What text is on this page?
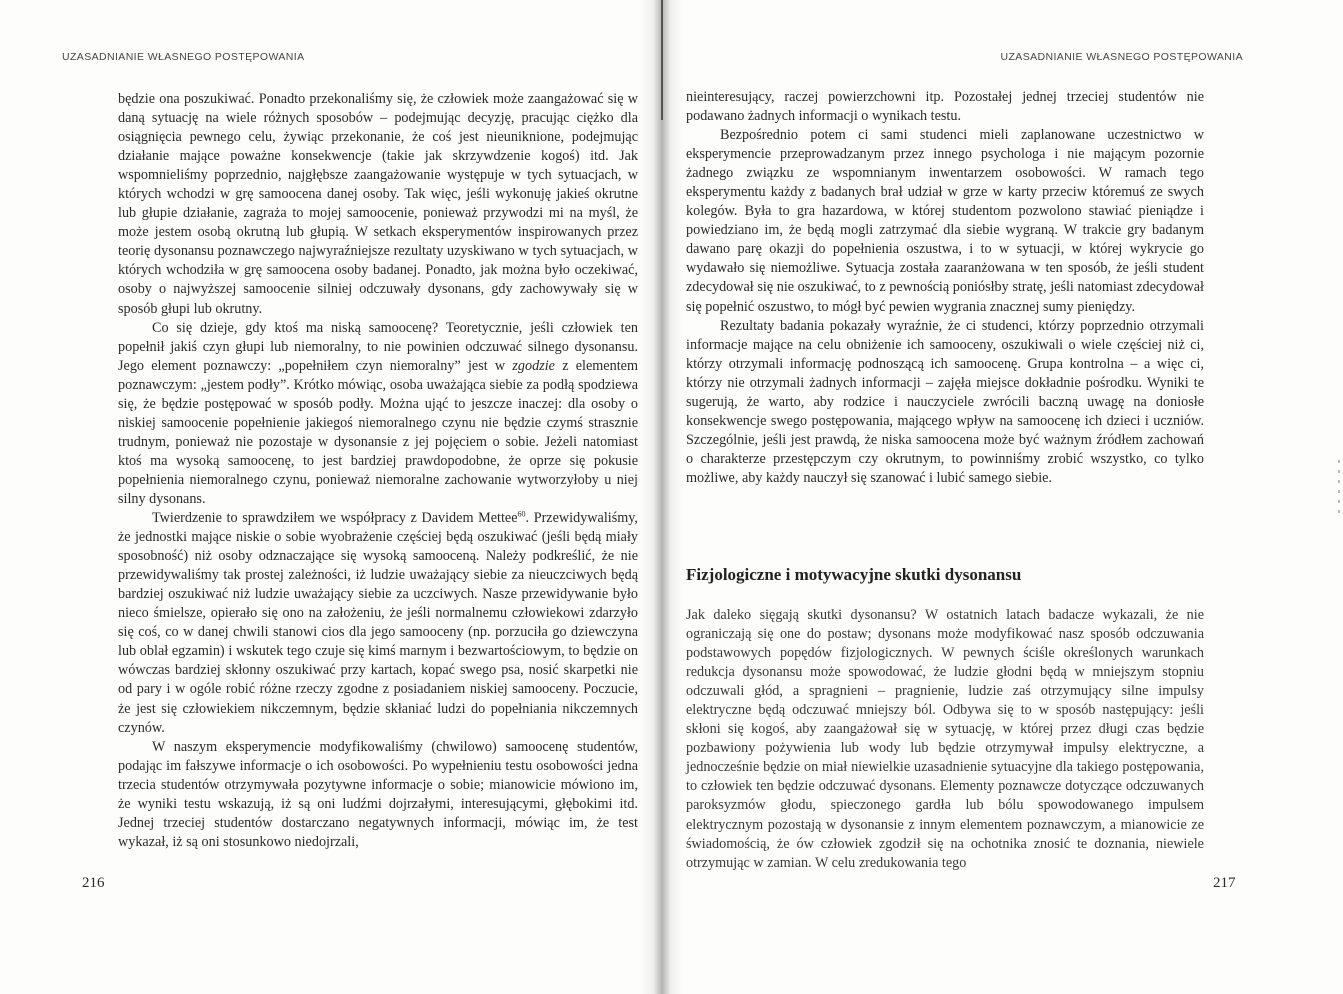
UZASADNIANIE WŁASNEGO POSTĘPOWANIA

będzie ona poszukiwać. Ponadto przekonaliśmy się, że człowiek może zaangażować się w daną sytuację na wiele różnych sposobów – podejmując decyzję, pracując ciężko dla osiągnięcia pewnego celu, żywiąc przekonanie, że coś jest nieuniknione, podejmując działanie mające poważne konsekwencje (takie jak skrzywdzenie kogoś) itd. Jak wspomnieliśmy poprzednio, najgłębsze zaangażowanie występuje w tych sytuacjach, w których wchodzi w grę samoocena danej osoby. Tak więc, jeśli wykonuję jakieś okrutne lub głupie działanie, zagraża to mojej samoocenie, ponieważ przywodzi mi na myśl, że może jestem osobą okrutną lub głupią. W setkach eksperymentów inspirowanych przez teorię dysonansu poznawczego najwyraźniejsze rezultaty uzyskiwano w tych sytuacjach, w których wchodziła w grę samoocena osoby badanej. Ponadto, jak można było oczekiwać, osoby o najwyższej samoocenie silniej odczuwały dysonans, gdy zachowywały się w sposób głupi lub okrutny.

Co się dzieje, gdy ktoś ma niską samoocenę? Teoretycznie, jeśli człowiek ten popełnił jakiś czyn głupi lub niemoralny, to nie powinien odczuwać silnego dysonansu. Jego element poznawczy: „popełniłem czyn niemoralny” jest w zgodzie z elementem poznawczym: „jestem podły”. Krótko mówiąc, osoba uważająca siebie za podłą spodziewa się, że będzie postępować w sposób podły. Można ująć to jeszcze inaczej: dla osoby o niskiej samoocenie popełnienie jakiegoś niemoralnego czynu nie będzie czymś strasznie trudnym, ponieważ nie pozostaje w dysonansie z jej pojęciem o sobie. Jeżeli natomiast ktoś ma wysoką samoocenę, to jest bardziej prawdopodobne, że oprze się pokusie popełnienia niemoralnego czynu, ponieważ niemoralne zachowanie wytworzyłoby u niej silny dysonans.

Twierdzenie to sprawdziłem we współpracy z Davidem Mettee$^{60}$. Przewidywaliśmy, że jednostki mające niskie o sobie wyobrażenie częściej będą oszukiwać (jeśli będą miały sposobność) niż osoby odznaczające się wysoką samooceną. Należy podkreślić, że nie przewidywaliśmy tak prostej zależności, iż ludzie uważający siebie za nieuczciwych będą bardziej oszukiwać niż ludzie uważający siebie za uczciwych. Nasze przewidywanie było nieco śmielsze, opierało się ono na założeniu, że jeśli normalnemu człowiekowi zdarzyło się coś, co w danej chwili stanowi cios dla jego samooceny (np. porzuciła go dziewczyna lub oblał egzamin) i wskutek tego czuje się kimś marnym i bezwartościowym, to będzie on wówczas bardziej skłonny oszukiwać przy kartach, kopać swego psa, nosić skarpetki nie od pary i w ogóle robić różne rzeczy zgodne z posiadaniem niskiej samooceny. Poczucie, że jest się człowiekiem nikczemnym, będzie skłaniać ludzi do popełniania nikczemnych czynów.

W naszym eksperymencie modyfikowaliśmy (chwilowo) samoocenę studentów, podając im fałszywe informacje o ich osobowości. Po wypełnieniu testu osobowości jedna trzecia studentów otrzymywała pozytywne informacje o sobie; mianowicie mówiono im, że wyniki testu wskazują, iż są oni ludźmi dojrzałymi, interesującymi, głębokimi itd. Jednej trzeciej studentów dostarczano negatywnych informacji, mówiąc im, że test wykazał, iż są oni stosunkowo niedojrzali,

216
UZASADNIANIE WŁASNEGO POSTĘPOWANIA

nieinteresujący, raczej powierzchowni itp. Pozostałej jednej trzeciej studentów nie podawano żadnych informacji o wynikach testu.

Bezpośrednio potem ci sami studenci mieli zaplanowane uczestnictwo w eksperymencie przeprowadzanym przez innego psychologa i nie mającym pozornie żadnego związku ze wspomnianym inwentarzem osobowości. W ramach tego eksperymentu każdy z badanych brał udział w grze w karty przeciw któremuś ze swych kolegów. Była to gra hazardowa, w której studentom pozwolono stawiać pieniądze i powiedziano im, że będą mogli zatrzymać dla siebie wygraną. W trakcie gry badanym dawano parę okazji do popełnienia oszustwa, i to w sytuacji, w której wykrycie go wydawało się niemożliwe. Sytuacja została zaaranżowana w ten sposób, że jeśli student zdecydował się nie oszukiwać, to z pewnością poniósłby stratę, jeśli natomiast zdecydował się popełnić oszustwo, to mógł być pewien wygrania znacznej sumy pieniędzy.

Rezultaty badania pokazały wyraźnie, że ci studenci, którzy poprzednio otrzymali informacje mające na celu obniżenie ich samooceny, oszukiwali o wiele częściej niż ci, którzy otrzymali informację podnoszącą ich samoocenę. Grupa kontrolna – a więc ci, którzy nie otrzymali żadnych informacji – zajęła miejsce dokładnie pośrodku. Wyniki te sugerują, że warto, aby rodzice i nauczyciele zwrócili baczną uwagę na doniosłe konsekwencje swego postępowania, mającego wpływ na samoocenę ich dzieci i uczniów. Szczególnie, jeśli jest prawdą, że niska samoocena może być ważnym źródłem zachowań o charakterze przestępczym czy okrutnym, to powinniśmy zrobić wszystko, co tylko możliwe, aby każdy nauczył się szanować i lubić samego siebie.

Fizjologiczne i motywacyjne skutki dysonansu

Jak daleko sięgają skutki dysonansu? W ostatnich latach badacze wykazali, że nie ograniczają się one do postaw; dysonans może modyfikować nasz sposób odczuwania podstawowych popędów fizjologicznych. W pewnych ściśle określonych warunkach redukcja dysonansu może spowodować, że ludzie głodni będą w mniejszym stopniu odczuwali głód, a spragnieni – pragnienie, ludzie zaś otrzymujący silne impulsy elektryczne będą odczuwać mniejszy ból. Odbywa się to w sposób następujący: jeśli skłoni się kogoś, aby zaangażował się w sytuację, w której przez długi czas będzie pozbawiony pożywienia lub wody lub będzie otrzymywał impulsy elektryczne, a jednocześnie będzie on miał niewielkie uzasadnienie sytuacyjne dla takiego postępowania, to człowiek ten będzie odczuwać dysonans. Elementy poznawcze dotyczące odczuwanych paroksyzmów głodu, spieczonego gardła lub bólu spowodowanego impulsem elektrycznym pozostają w dysonansie z innym elementem poznawczym, a mianowicie ze świadomością, że ów człowiek zgodził się na ochotnika znosić te doznania, niewiele otrzymując w zamian. W celu zredukowania tego

217
